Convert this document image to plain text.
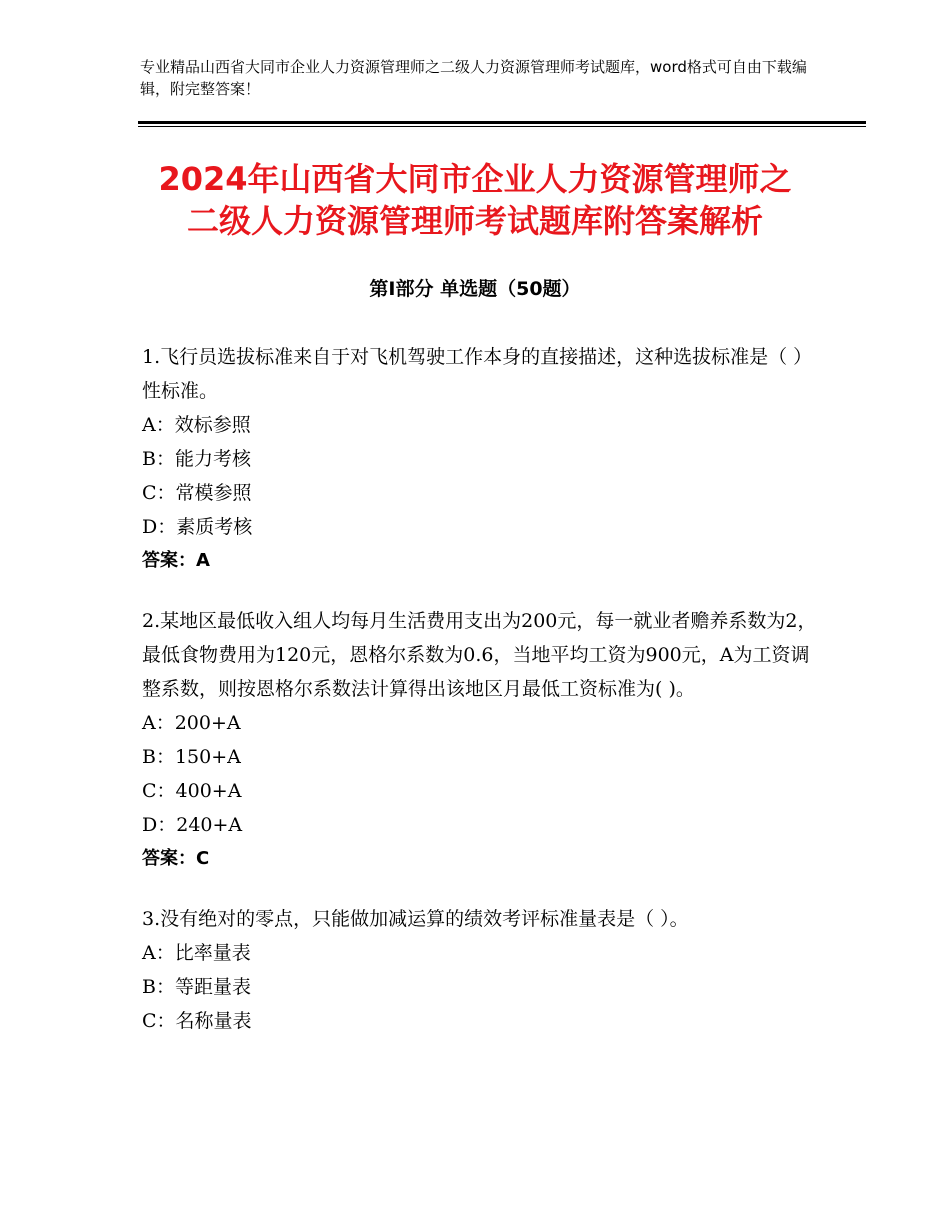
专业精品山西省大同市企业人力资源管理师之二级人力资源管理师考试题库，word格式可自由下载编辑，附完整答案！
2024年山西省大同市企业人力资源管理师之
二级人力资源管理师考试题库附答案解析
第Ⅰ部分 单选题（50题）

1.飞行员选拔标准来自于对飞机驾驶工作本身的直接描述，这种选拔标准是（ ）性标准。

A：效标参照

B：能力考核

C：常模参照

D：素质考核

答案：A

2.某地区最低收入组人均每月生活费用支出为200元，每一就业者赡养系数为2，最低食物费用为120元，恩格尔系数为0.6，当地平均工资为900元，A为工资调整系数，则按恩格尔系数法计算得出该地区月最低工资标准为( )。

A：200+A

B：150+A

C：400+A

D：240+A

答案：C

3.没有绝对的零点，只能做加减运算的绩效考评标准量表是（ ）。

A：比率量表

B：等距量表

C：名称量表
